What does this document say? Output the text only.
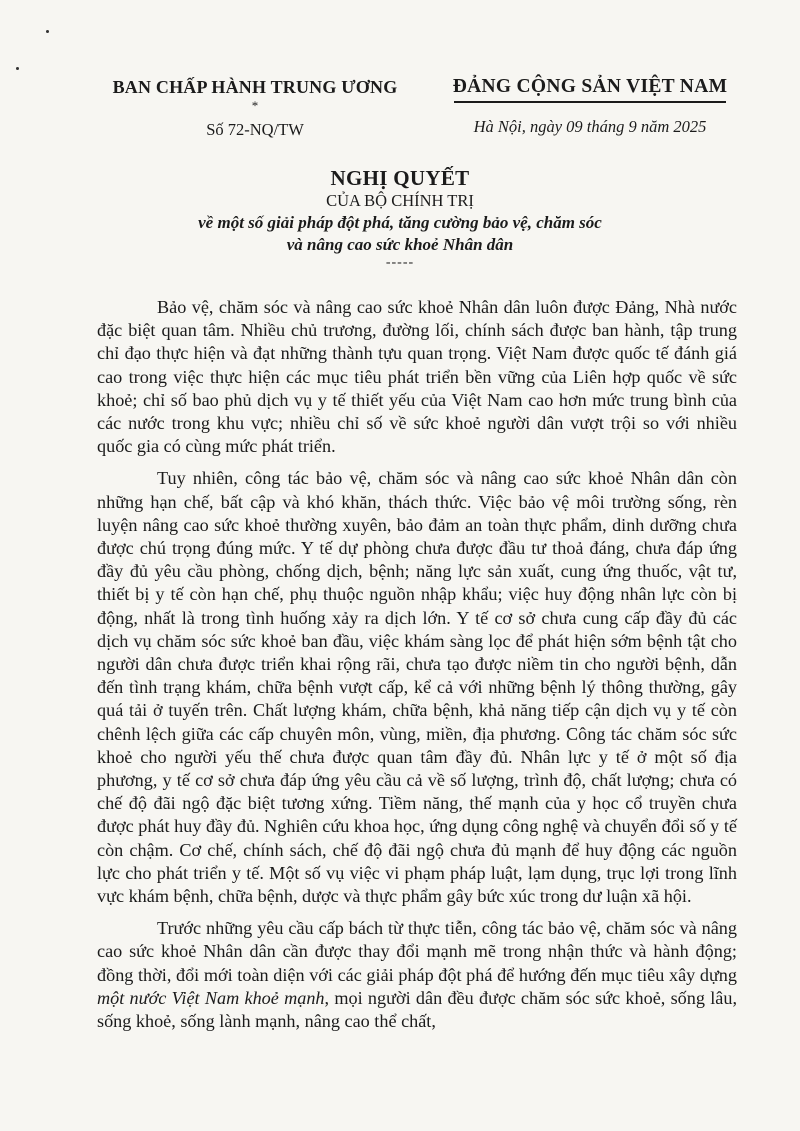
BAN CHẤP HÀNH TRUNG ƯƠNG
*
Số 72-NQ/TW
ĐẢNG CỘNG SẢN VIỆT NAM
Hà Nội, ngày 09 tháng 9 năm 2025
NGHỊ QUYẾT
CỦA BỘ CHÍNH TRỊ
về một số giải pháp đột phá, tăng cường bảo vệ, chăm sóc
và nâng cao sức khoẻ Nhân dân
-----

Bảo vệ, chăm sóc và nâng cao sức khoẻ Nhân dân luôn được Đảng, Nhà nước đặc biệt quan tâm. Nhiều chủ trương, đường lối, chính sách được ban hành, tập trung chỉ đạo thực hiện và đạt những thành tựu quan trọng. Việt Nam được quốc tế đánh giá cao trong việc thực hiện các mục tiêu phát triển bền vững của Liên hợp quốc về sức khoẻ; chỉ số bao phủ dịch vụ y tế thiết yếu của Việt Nam cao hơn mức trung bình của các nước trong khu vực; nhiều chỉ số về sức khoẻ người dân vượt trội so với nhiều quốc gia có cùng mức phát triển.

Tuy nhiên, công tác bảo vệ, chăm sóc và nâng cao sức khoẻ Nhân dân còn những hạn chế, bất cập và khó khăn, thách thức. Việc bảo vệ môi trường sống, rèn luyện nâng cao sức khoẻ thường xuyên, bảo đảm an toàn thực phẩm, dinh dưỡng chưa được chú trọng đúng mức. Y tế dự phòng chưa được đầu tư thoả đáng, chưa đáp ứng đầy đủ yêu cầu phòng, chống dịch, bệnh; năng lực sản xuất, cung ứng thuốc, vật tư, thiết bị y tế còn hạn chế, phụ thuộc nguồn nhập khẩu; việc huy động nhân lực còn bị động, nhất là trong tình huống xảy ra dịch lớn. Y tế cơ sở chưa cung cấp đầy đủ các dịch vụ chăm sóc sức khoẻ ban đầu, việc khám sàng lọc để phát hiện sớm bệnh tật cho người dân chưa được triển khai rộng rãi, chưa tạo được niềm tin cho người bệnh, dẫn đến tình trạng khám, chữa bệnh vượt cấp, kể cả với những bệnh lý thông thường, gây quá tải ở tuyến trên. Chất lượng khám, chữa bệnh, khả năng tiếp cận dịch vụ y tế còn chênh lệch giữa các cấp chuyên môn, vùng, miền, địa phương. Công tác chăm sóc sức khoẻ cho người yếu thế chưa được quan tâm đầy đủ. Nhân lực y tế ở một số địa phương, y tế cơ sở chưa đáp ứng yêu cầu cả về số lượng, trình độ, chất lượng; chưa có chế độ đãi ngộ đặc biệt tương xứng. Tiềm năng, thế mạnh của y học cổ truyền chưa được phát huy đầy đủ. Nghiên cứu khoa học, ứng dụng công nghệ và chuyển đổi số y tế còn chậm. Cơ chế, chính sách, chế độ đãi ngộ chưa đủ mạnh để huy động các nguồn lực cho phát triển y tế. Một số vụ việc vi phạm pháp luật, lạm dụng, trục lợi trong lĩnh vực khám bệnh, chữa bệnh, dược và thực phẩm gây bức xúc trong dư luận xã hội.

Trước những yêu cầu cấp bách từ thực tiễn, công tác bảo vệ, chăm sóc và nâng cao sức khoẻ Nhân dân cần được thay đổi mạnh mẽ trong nhận thức và hành động; đồng thời, đổi mới toàn diện với các giải pháp đột phá để hướng đến mục tiêu xây dựng một nước Việt Nam khoẻ mạnh, mọi người dân đều được chăm sóc sức khoẻ, sống lâu, sống khoẻ, sống lành mạnh, nâng cao thể chất,
